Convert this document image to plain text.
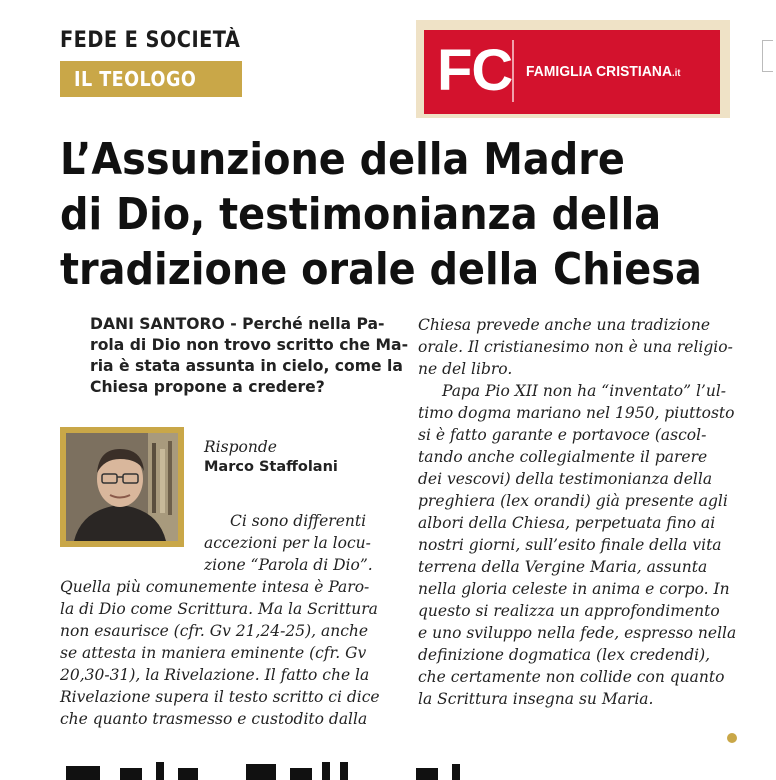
FEDE E SOCIETÀ
IL TEOLOGO	FC FAMIGLIA CRISTIANA.it
L’Assunzione della Madre
di Dio, testimonianza della
tradizione orale della Chiesa

DANI SANTORO - Perché nella Pa-

rola di Dio non trovo scritto che Ma-

ria è stata assunta in cielo, come la

Chiesa propone a credere?

Risponde
Marco Staffolani

Ci sono differenti

accezioni per la locu-

zione “Parola di Dio”.

Quella più comunemente intesa è Paro-

la di Dio come Scrittura. Ma la Scrittura

non esaurisce (cfr. Gv 21,24-25), anche

se attesta in maniera eminente (cfr. Gv

20,30-31), la Rivelazione. Il fatto che la

Rivelazione supera il testo scritto ci dice

che quanto trasmesso e custodito dalla

Chiesa prevede anche una tradizione

orale. Il cristianesimo non è una religio-

ne del libro.

Papa Pio XII non ha “inventato” l’ul-

timo dogma mariano nel 1950, piuttosto

si è fatto garante e portavoce (ascol-

tando anche collegialmente il parere

dei vescovi) della testimonianza della

preghiera (lex orandi) già presente agli

albori della Chiesa, perpetuata fino ai

nostri giorni, sull’esito finale della vita

terrena della Vergine Maria, assunta

nella gloria celeste in anima e corpo. In

questo si realizza un approfondimento

e uno sviluppo nella fede, espresso nella

definizione dogmatica (lex credendi),

che certamente non collide con quanto

la Scrittura insegna su Maria.
